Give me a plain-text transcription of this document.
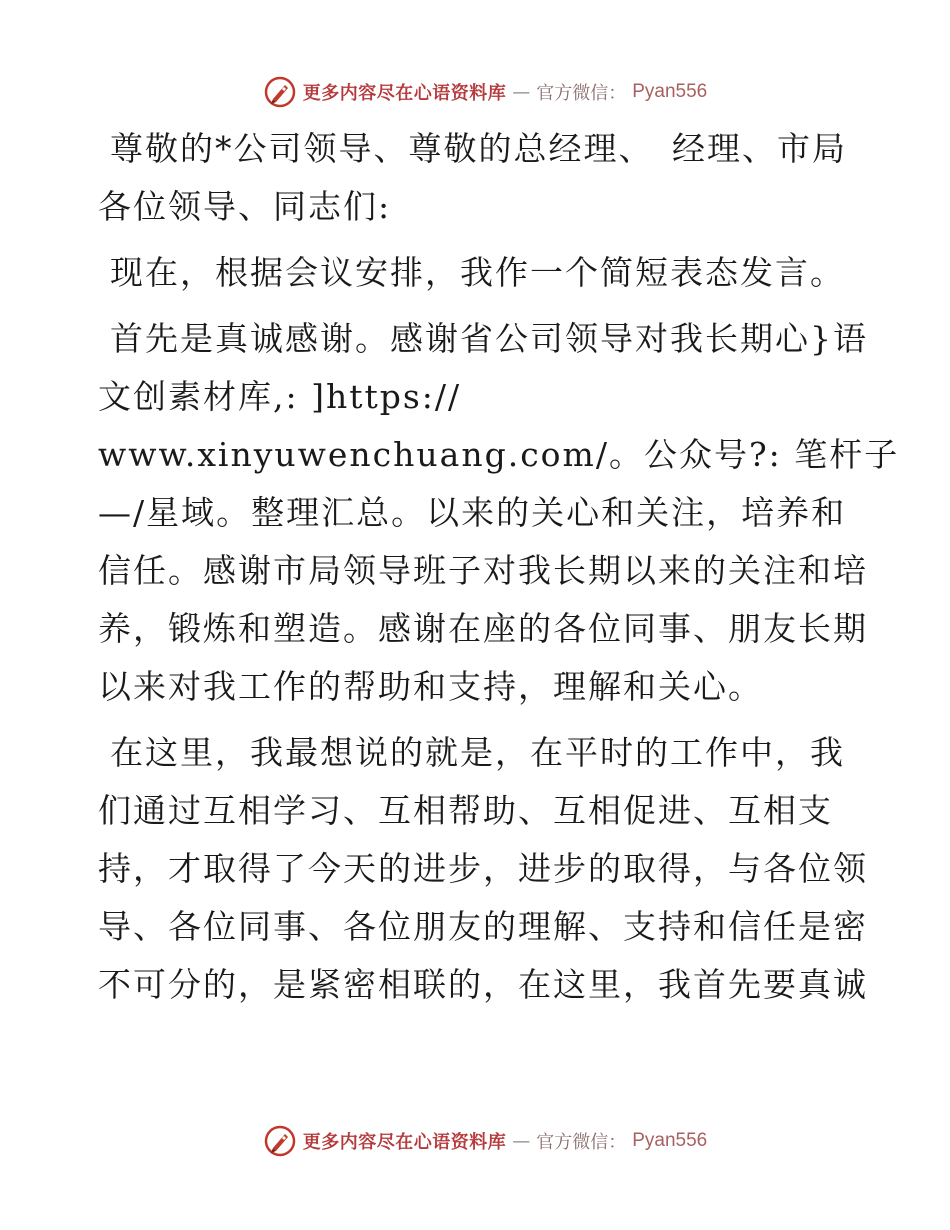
更多内容尽在心语资料库 — 官方微信： Pyan556
尊敬的*公司领导、尊敬的总经理、　经理、市局
各位领导、同志们:
现在，根据会议安排，我作一个简短表态发言。
首先是真诚感谢。感谢省公司领导对我长期心}语
文创素材库,: ]https://
www.xinyuwenchuang.com/。公众号?: 笔杆子
—/星域。整理汇总。以来的关心和关注，培养和
信任。感谢市局领导班子对我长期以来的关注和培
养，锻炼和塑造。感谢在座的各位同事、朋友长期
以来对我工作的帮助和支持，理解和关心。
在这里，我最想说的就是，在平时的工作中，我
们通过互相学习、互相帮助、互相促进、互相支
持，才取得了今天的进步，进步的取得，与各位领
导、各位同事、各位朋友的理解、支持和信任是密
不可分的，是紧密相联的，在这里，我首先要真诚
更多内容尽在心语资料库 — 官方微信： Pyan556
